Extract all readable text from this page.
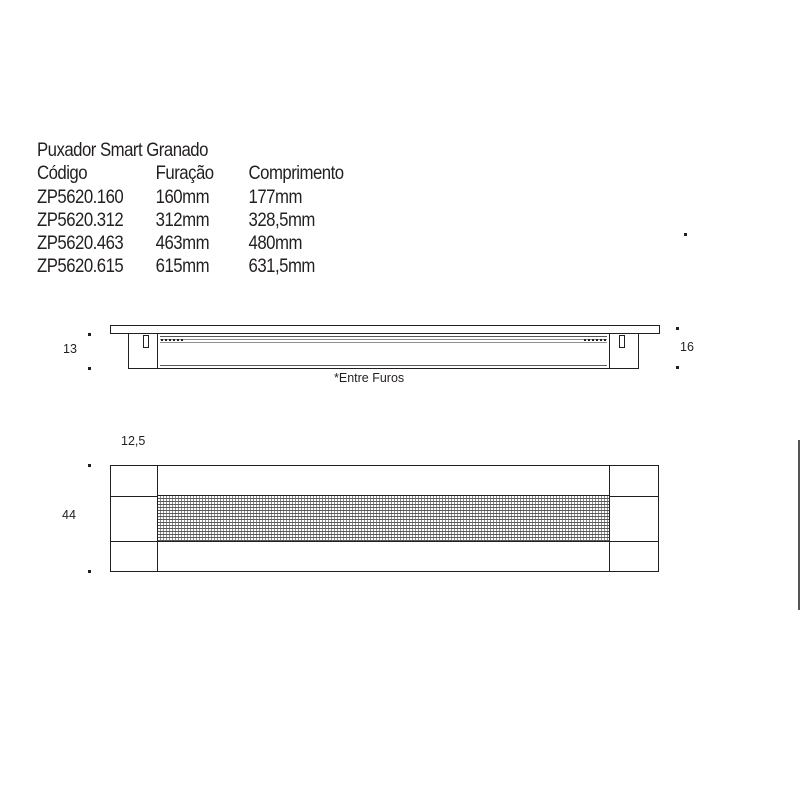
Puxador Smart Granado
Código	Furação	Comprimento
ZP5620.160	160mm	177mm
ZP5620.312	312mm	328,5mm
ZP5620.463	463mm	480mm
ZP5620.615	615mm	631,5mm
13	16
*Entre Furos
12,5
44
